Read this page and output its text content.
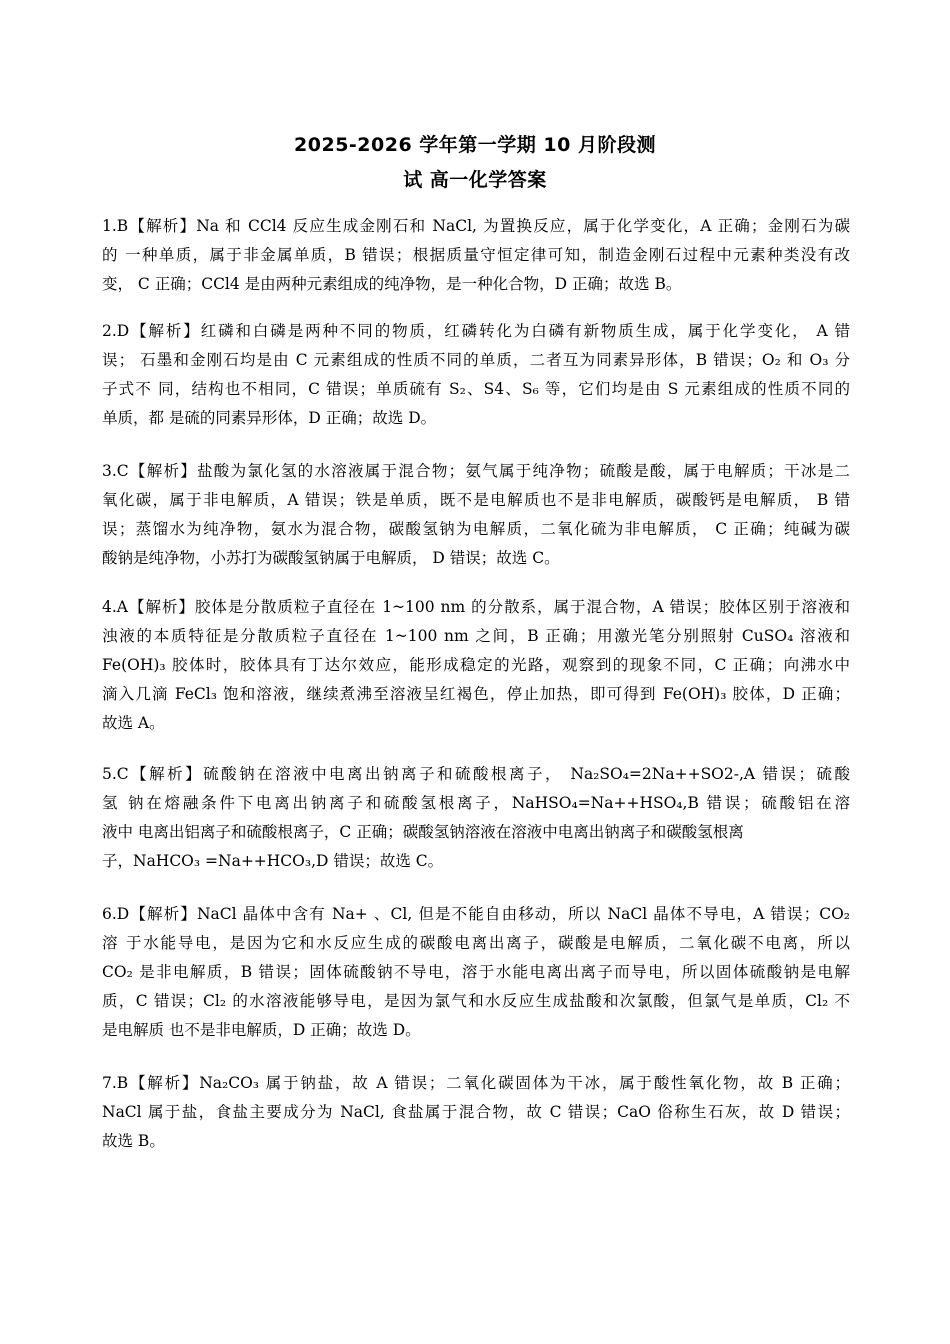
2025-2026 学年第一学期 10 月阶段测
试 高一化学答案
1.B【解析】Na 和 CCl4 反应生成金刚石和 NaCl, 为置换反应，属于化学变化，A 正确；金刚石为碳
的 一种单质，属于非金属单质，B 错误；根据质量守恒定律可知，制造金刚石过程中元素种类没有改
变， C 正确；CCl4 是由两种元素组成的纯净物，是一种化合物，D 正确；故选 B。
2.D【解析】红磷和白磷是两种不同的物质，红磷转化为白磷有新物质生成，属于化学变化， A 错
误； 石墨和金刚石均是由 C 元素组成的性质不同的单质，二者互为同素异形体，B 错误；O₂ 和 O₃ 分
子式不 同，结构也不相同，C 错误；单质硫有 S₂、S4、S₆ 等，它们均是由 S 元素组成的性质不同的
单质，都 是硫的同素异形体，D 正确；故选 D。
3.C【解析】盐酸为氯化氢的水溶液属于混合物；氨气属于纯净物；硫酸是酸，属于电解质；干冰是二
氧化碳，属于非电解质，A 错误；铁是单质，既不是电解质也不是非电解质，碳酸钙是电解质， B 错
误；蒸馏水为纯净物，氨水为混合物，碳酸氢钠为电解质，二氧化硫为非电解质， C 正确；纯碱为碳
酸钠是纯净物，小苏打为碳酸氢钠属于电解质， D 错误；故选 C。
4.A【解析】胶体是分散质粒子直径在 1~100 nm 的分散系，属于混合物，A 错误；胶体区别于溶液和
浊液的本质特征是分散质粒子直径在 1~100 nm 之间，B 正确；用激光笔分别照射 CuSO₄ 溶液和
Fe(OH)₃ 胶体时，胶体具有丁达尔效应，能形成稳定的光路，观察到的现象不同，C 正确；向沸水中
滴入几滴 FeCl₃ 饱和溶液，继续煮沸至溶液呈红褐色，停止加热，即可得到 Fe(OH)₃ 胶体，D 正确；
故选 A。
5.C【解析】硫酸钠在溶液中电离出钠离子和硫酸根离子， Na₂SO₄=2Na++SO2-,A 错误；硫酸
氢 钠在熔融条件下电离出钠离子和硫酸氢根离子，NaHSO₄=Na++HSO₄,B 错误；硫酸铝在溶
液中 电离出铝离子和硫酸根离子，C 正确；碳酸氢钠溶液在溶液中电离出钠离子和碳酸氢根离
子，NaHCO₃ =Na++HCO₃,D 错误；故选 C。
6.D【解析】NaCl 晶体中含有 Na+ 、Cl, 但是不能自由移动，所以 NaCl 晶体不导电，A 错误；CO₂
溶 于水能导电，是因为它和水反应生成的碳酸电离出离子，碳酸是电解质，二氧化碳不电离，所以
CO₂ 是非电解质，B 错误；固体硫酸钠不导电，溶于水能电离出离子而导电，所以固体硫酸钠是电解
质，C 错误；Cl₂ 的水溶液能够导电，是因为氯气和水反应生成盐酸和次氯酸，但氯气是单质，Cl₂ 不
是电解质 也不是非电解质，D 正确；故选 D。
7.B【解析】Na₂CO₃ 属于钠盐，故 A 错误；二氧化碳固体为干冰，属于酸性氧化物，故 B 正确；
NaCl 属于盐，食盐主要成分为 NaCl, 食盐属于混合物，故 C 错误；CaO 俗称生石灰，故 D 错误；
故选 B。
